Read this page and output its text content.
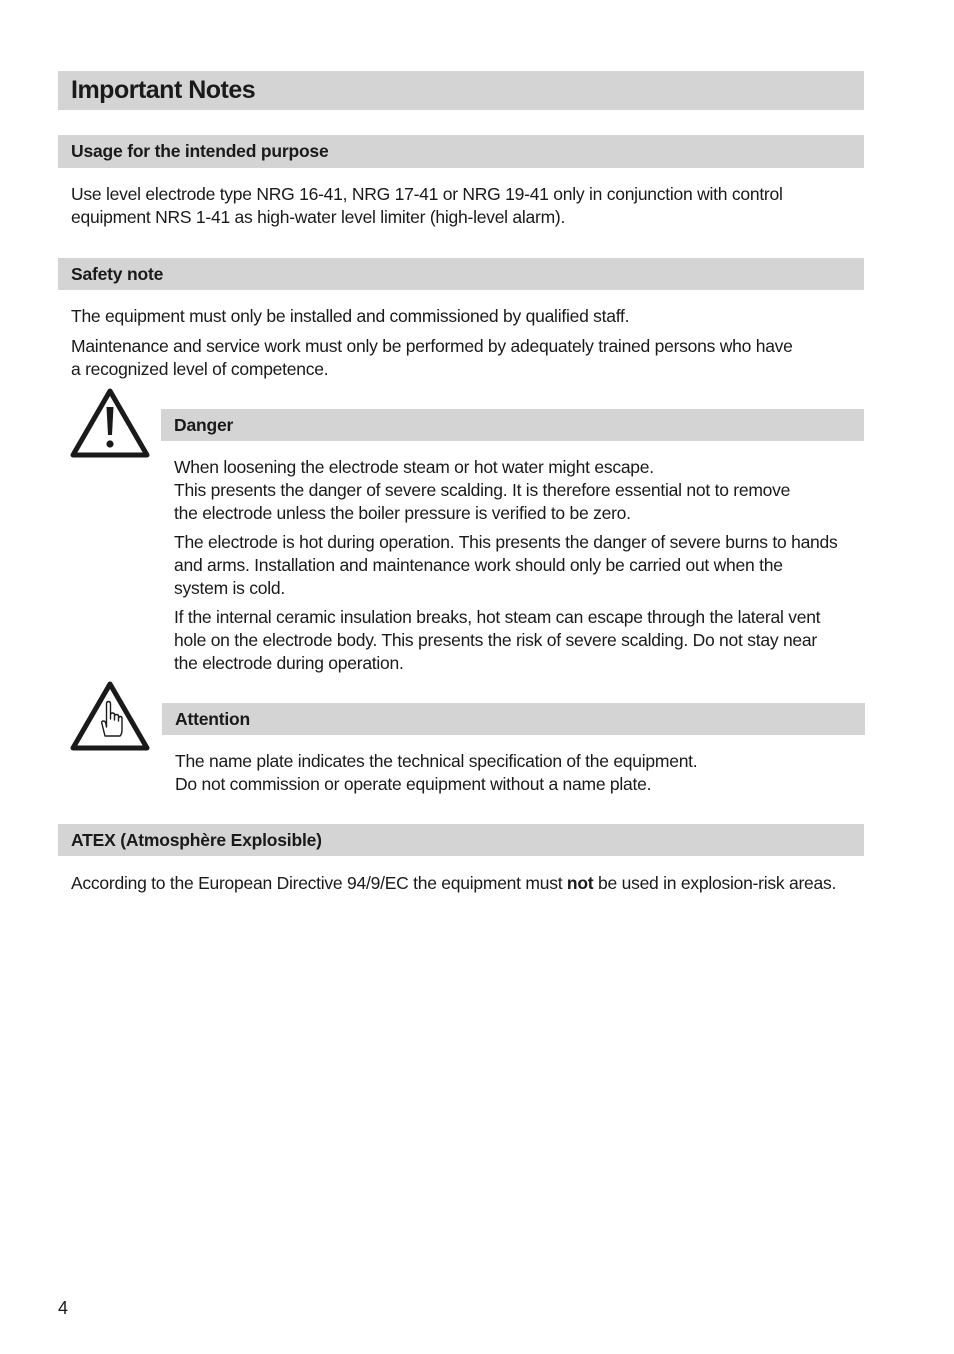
Important Notes
Usage for the intended purpose

Use level electrode type NRG 16-41, NRG 17-41 or NRG 19-41 only in conjunction with control
equipment NRS 1-41 as high-water level limiter (high-level alarm).

Safety note

The equipment must only be installed and commissioned by qualified staff.

Maintenance and service work must only be performed by adequately trained persons who have
a recognized level of competence.

Danger

When loosening the electrode steam or hot water might escape.
This presents the danger of severe scalding. It is therefore essential not to remove
the electrode unless the boiler pressure is verified to be zero.

The electrode is hot during operation. This presents the danger of severe burns to hands
and arms. Installation and maintenance work should only be carried out when the
system is cold.

If the internal ceramic insulation breaks, hot steam can escape through the lateral vent
hole on the electrode body. This presents the risk of severe scalding. Do not stay near
the electrode during operation.

Attention

The name plate indicates the technical specification of the equipment.
Do not commission or operate equipment without a name plate.

ATEX (Atmosphère Explosible)

According to the European Directive 94/9/EC the equipment must not be used in explosion-risk areas.

4
